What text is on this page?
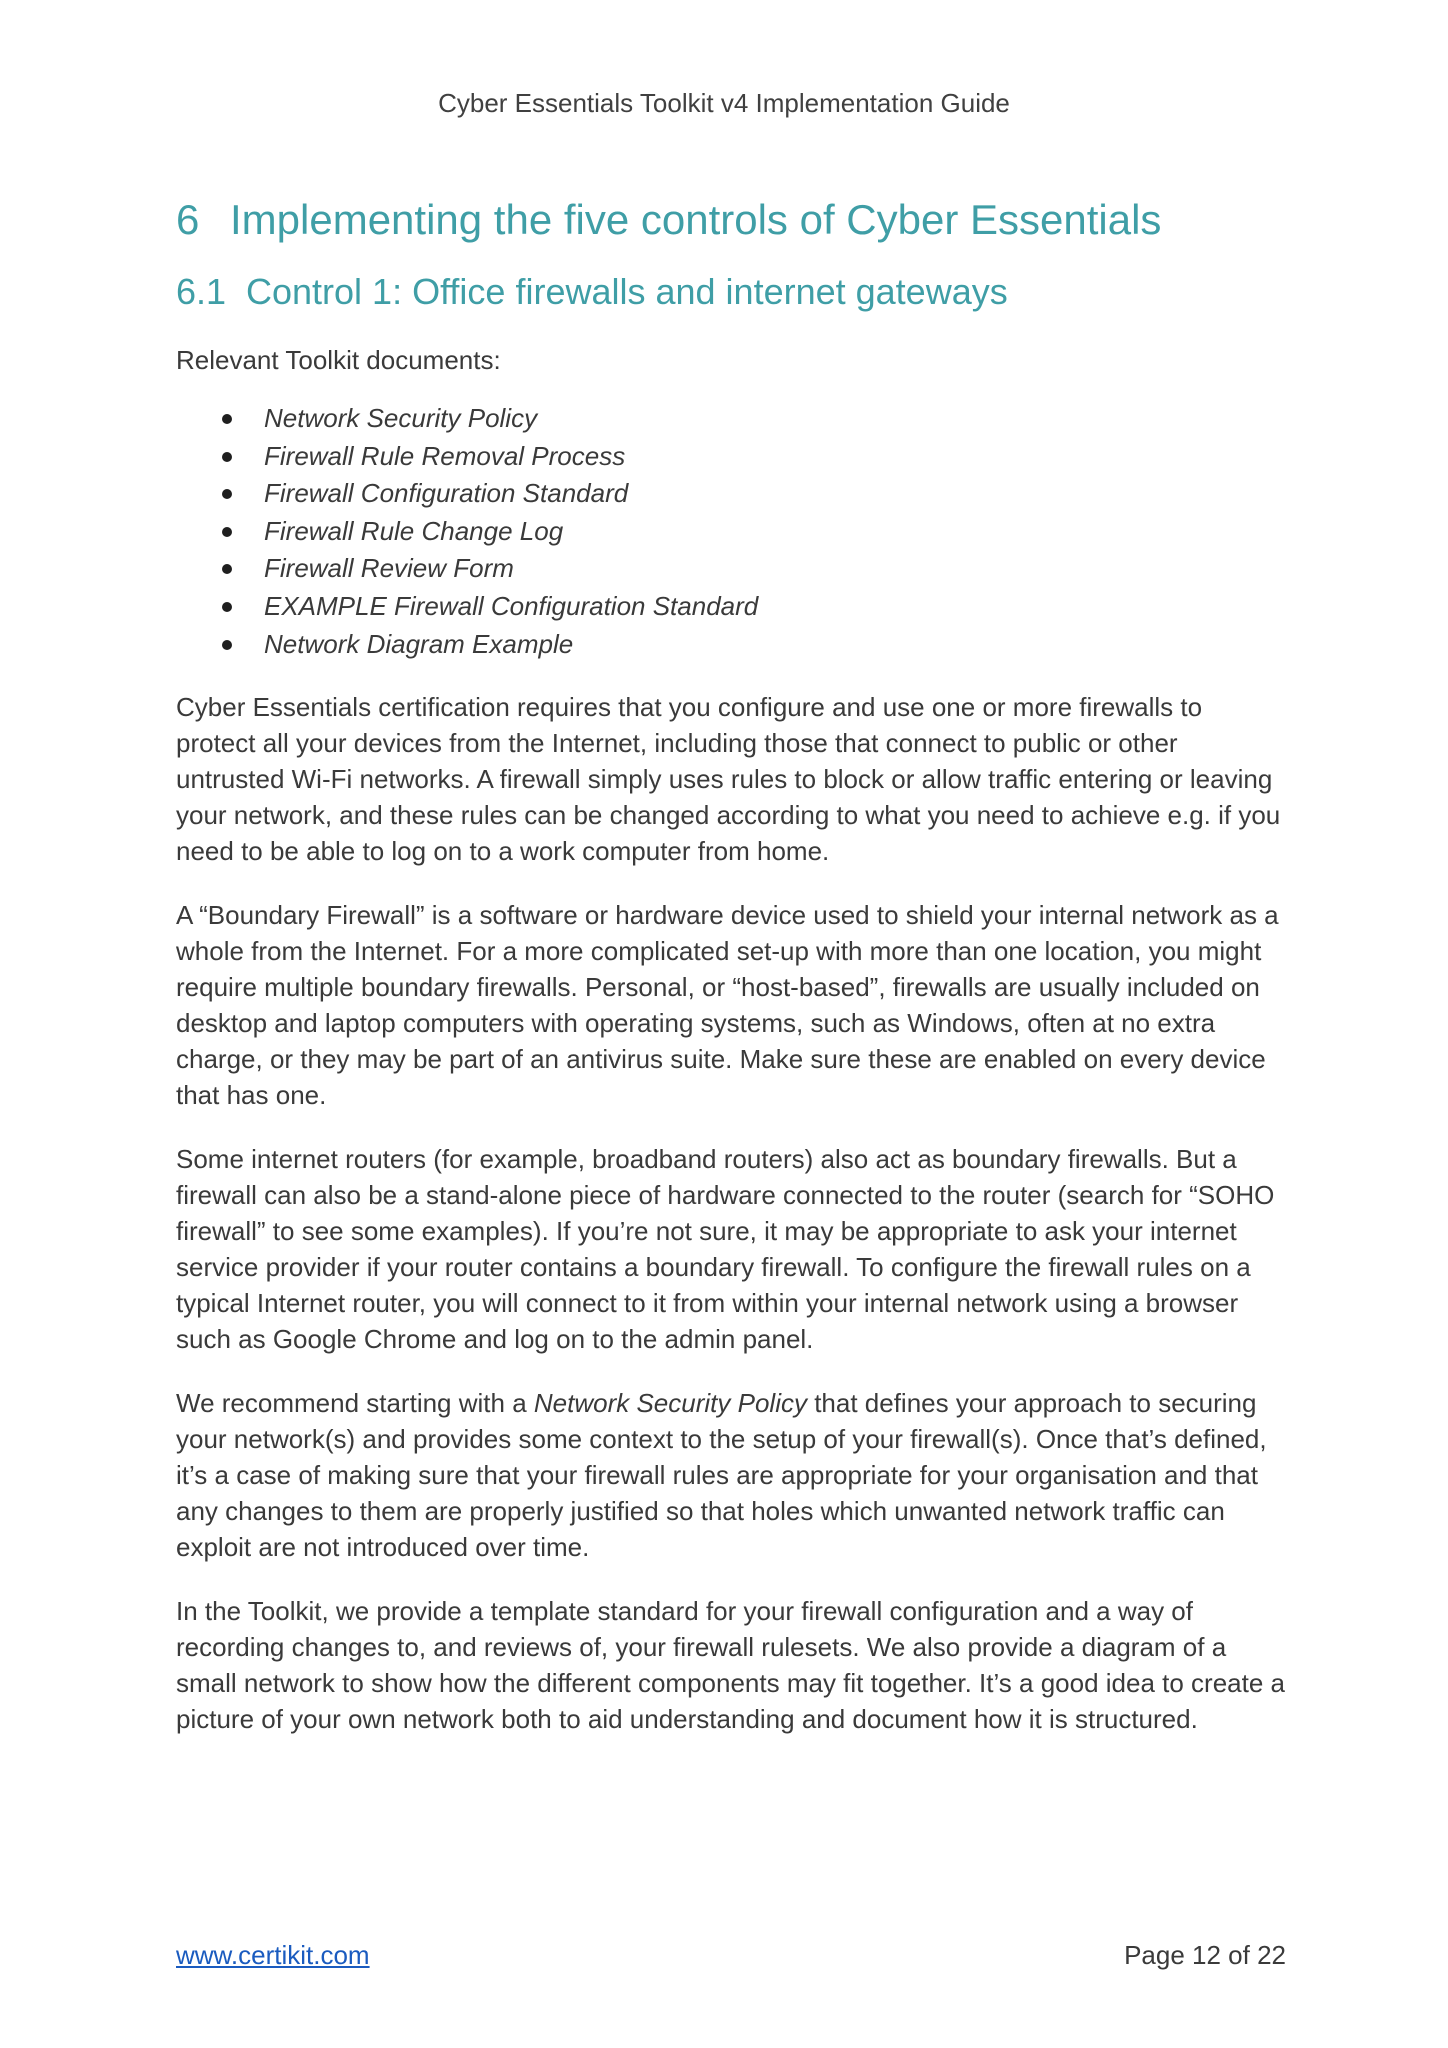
Cyber Essentials Toolkit v4 Implementation Guide
6 Implementing the five controls of Cyber Essentials
6.1 Control 1: Office firewalls and internet gateways

Relevant Toolkit documents:

Network Security Policy
Firewall Rule Removal Process
Firewall Configuration Standard
Firewall Rule Change Log
Firewall Review Form
EXAMPLE Firewall Configuration Standard
Network Diagram Example

Cyber Essentials certification requires that you configure and use one or more firewalls to protect all your devices from the Internet, including those that connect to public or other untrusted Wi-Fi networks. A firewall simply uses rules to block or allow traffic entering or leaving your network, and these rules can be changed according to what you need to achieve e.g. if you need to be able to log on to a work computer from home.

A “Boundary Firewall” is a software or hardware device used to shield your internal network as a whole from the Internet. For a more complicated set-up with more than one location, you might require multiple boundary firewalls. Personal, or “host-based”, firewalls are usually included on desktop and laptop computers with operating systems, such as Windows, often at no extra charge, or they may be part of an antivirus suite. Make sure these are enabled on every device that has one.

Some internet routers (for example, broadband routers) also act as boundary firewalls. But a firewall can also be a stand-alone piece of hardware connected to the router (search for “SOHO firewall” to see some examples). If you’re not sure, it may be appropriate to ask your internet service provider if your router contains a boundary firewall. To configure the firewall rules on a typical Internet router, you will connect to it from within your internal network using a browser such as Google Chrome and log on to the admin panel.

We recommend starting with a Network Security Policy that defines your approach to securing your network(s) and provides some context to the setup of your firewall(s). Once that’s defined, it’s a case of making sure that your firewall rules are appropriate for your organisation and that any changes to them are properly justified so that holes which unwanted network traffic can exploit are not introduced over time.

In the Toolkit, we provide a template standard for your firewall configuration and a way of recording changes to, and reviews of, your firewall rulesets. We also provide a diagram of a small network to show how the different components may fit together. It’s a good idea to create a picture of your own network both to aid understanding and document how it is structured.

www.certikit.com	Page 12 of 22
